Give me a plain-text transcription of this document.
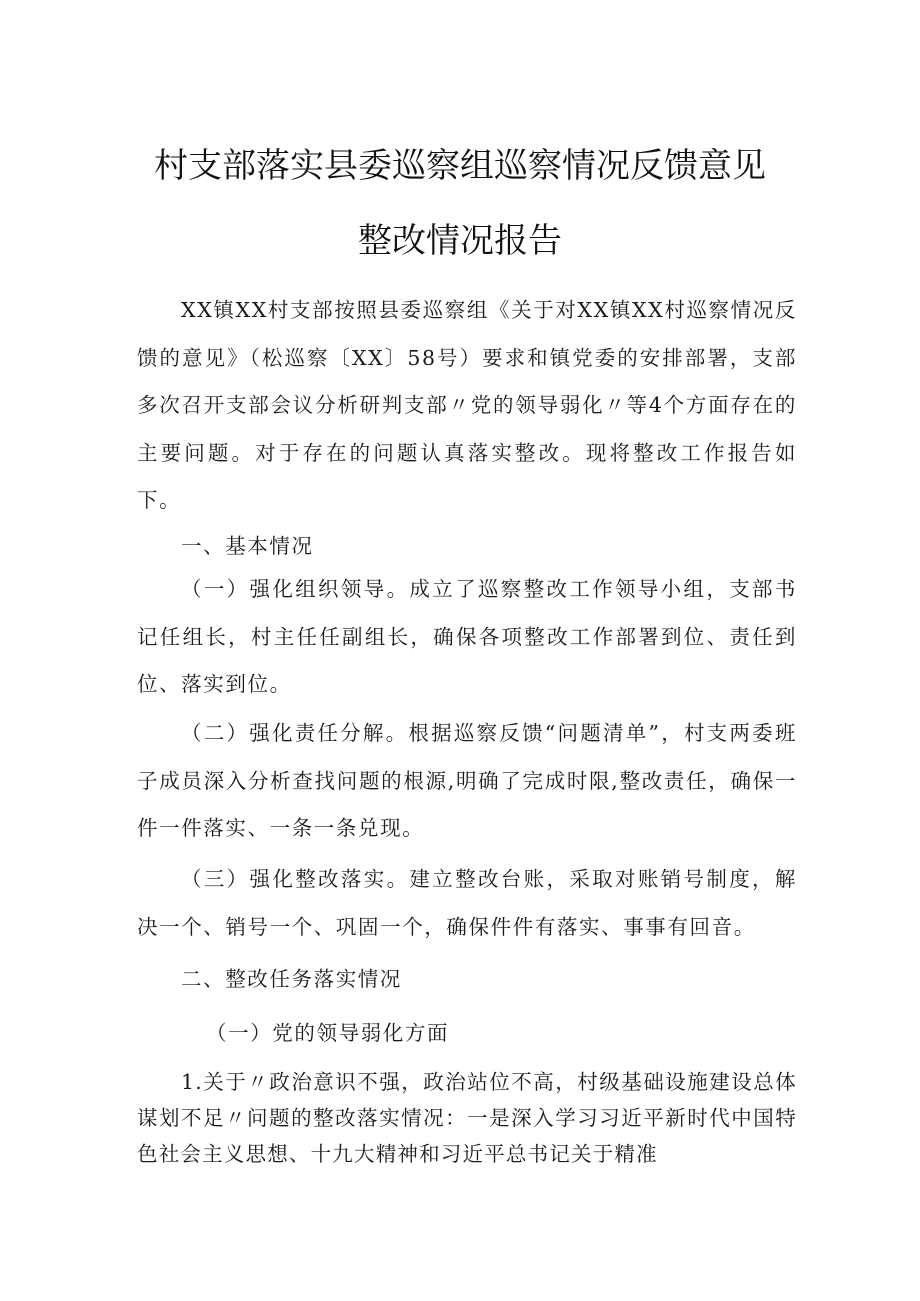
村支部落实县委巡察组巡察情况反馈意见
整改情况报告
XX镇XX村支部按照县委巡察组《关于对XX镇XX村巡察情况反馈的意见》（松巡察〔XX〕58号）要求和镇党委的安排部署，支部多次召开支部会议分析研判支部〃党的领导弱化〃等4个方面存在的主要问题。对于存在的问题认真落实整改。现将整改工作报告如下。
一、基本情况
（一）强化组织领导。成立了巡察整改工作领导小组，支部书记任组长，村主任任副组长，确保各项整改工作部署到位、责任到位、落实到位。
（二）强化责任分解。根据巡察反馈“问题清单”，村支两委班子成员深入分析查找问题的根源,明确了完成时限,整改责任，确保一件一件落实、一条一条兑现。
（三）强化整改落实。建立整改台账，采取对账销号制度，解决一个、销号一个、巩固一个，确保件件有落实、事事有回音。
二、整改任务落实情况
（一）党的领导弱化方面
1.关于〃政治意识不强，政治站位不高，村级基础设施建设总体谋划不足〃问题的整改落实情况：一是深入学习习近平新时代中国特色社会主义思想、十九大精神和习近平总书记关于精准
